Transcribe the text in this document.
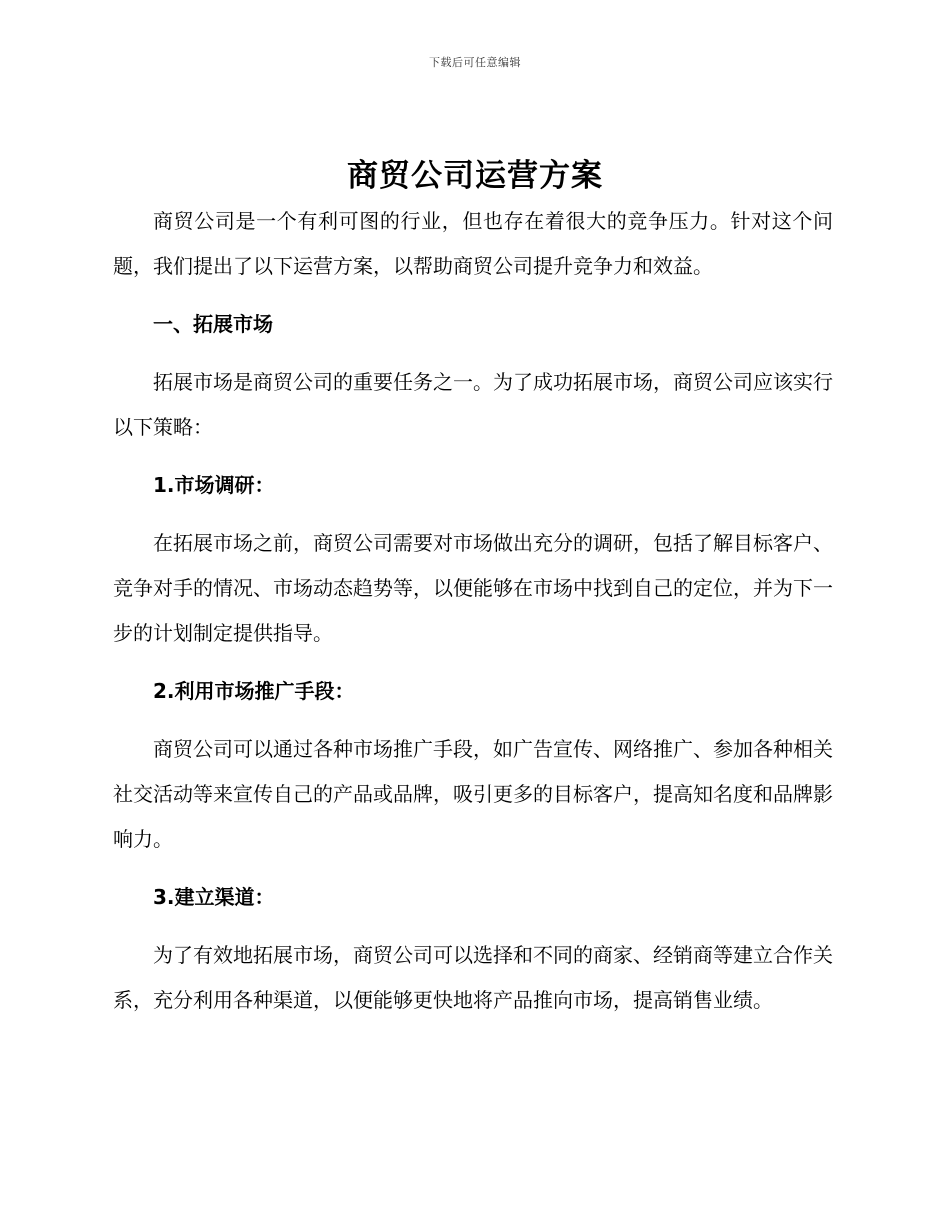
下载后可任意编辑
商贸公司运营方案

商贸公司是一个有利可图的行业，但也存在着很大的竞争压力。针对这个问题，我们提出了以下运营方案，以帮助商贸公司提升竞争力和效益。

一、拓展市场

拓展市场是商贸公司的重要任务之一。为了成功拓展市场，商贸公司应该实行以下策略：

1.市场调研：

在拓展市场之前，商贸公司需要对市场做出充分的调研，包括了解目标客户、竞争对手的情况、市场动态趋势等，以便能够在市场中找到自己的定位，并为下一步的计划制定提供指导。

2.利用市场推广手段：

商贸公司可以通过各种市场推广手段，如广告宣传、网络推广、参加各种相关社交活动等来宣传自己的产品或品牌，吸引更多的目标客户，提高知名度和品牌影响力。

3.建立渠道：

为了有效地拓展市场，商贸公司可以选择和不同的商家、经销商等建立合作关系，充分利用各种渠道，以便能够更快地将产品推向市场，提高销售业绩。
